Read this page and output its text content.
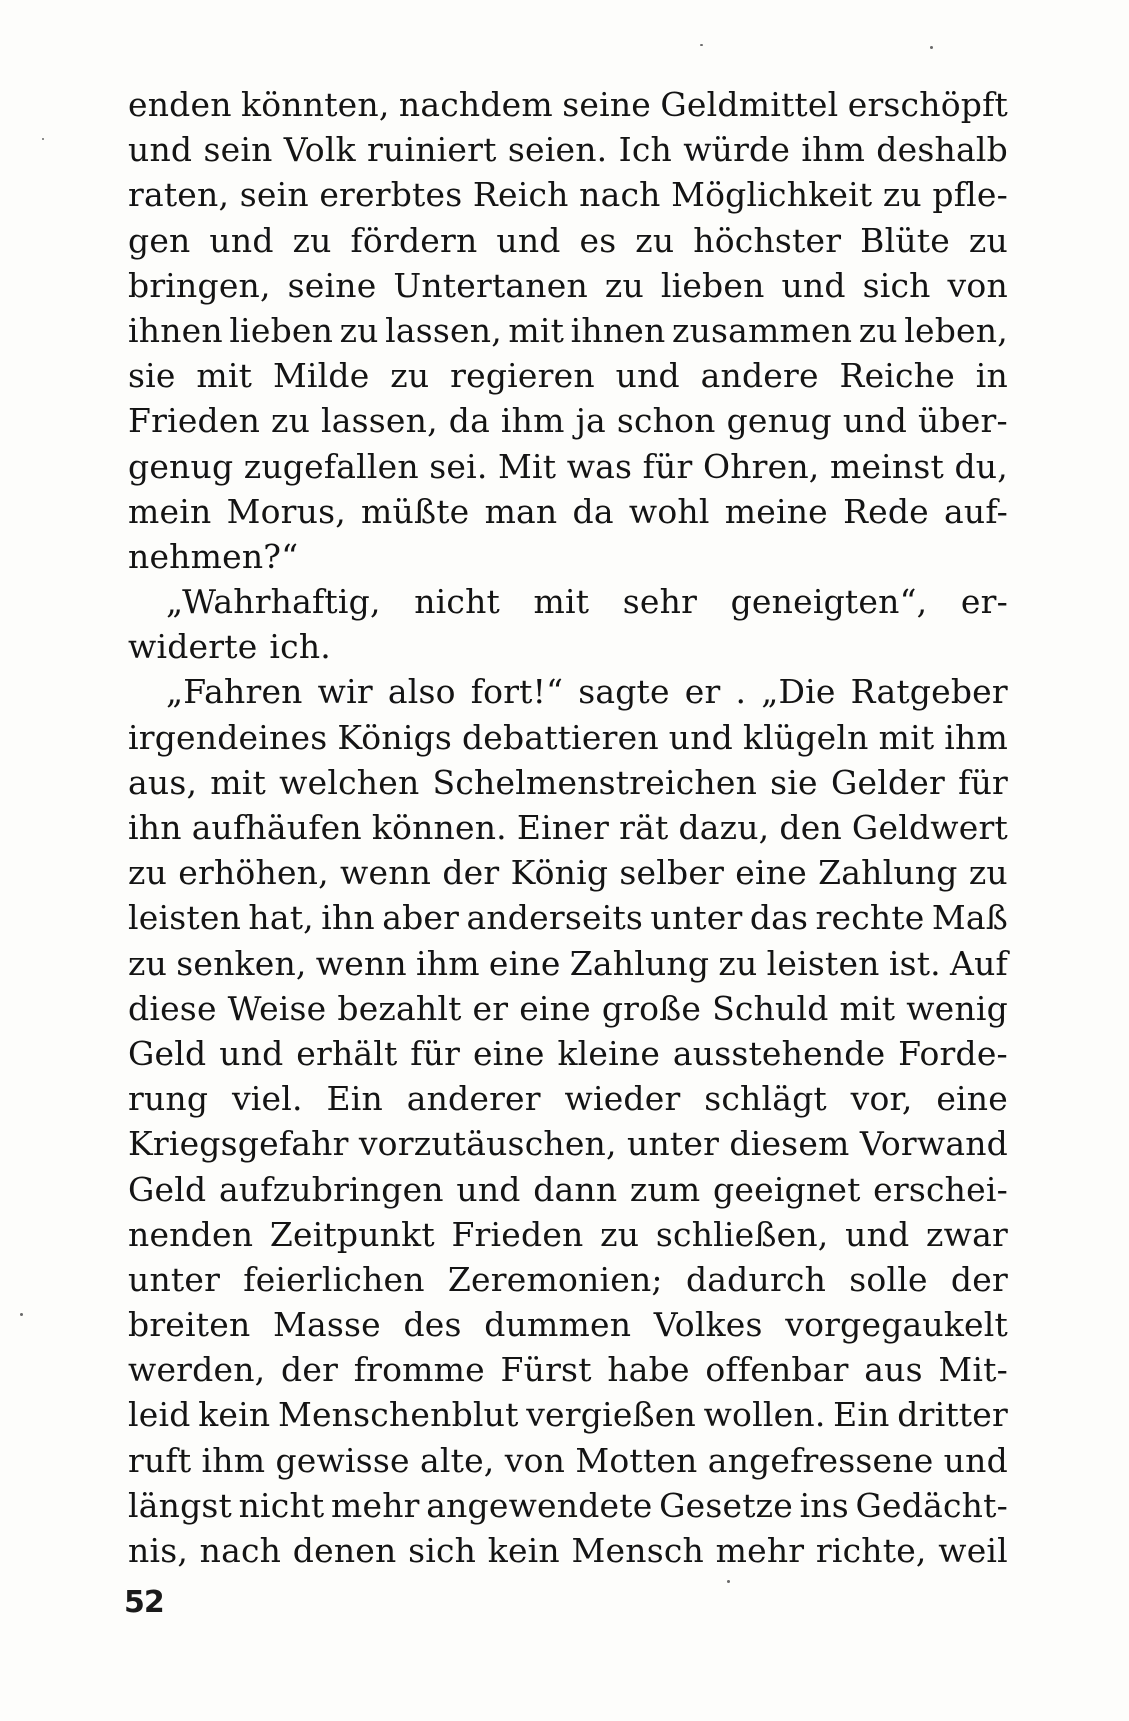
enden könnten, nachdem seine Geldmittel erschöpft
und sein Volk ruiniert seien. Ich würde ihm deshalb
raten, sein ererbtes Reich nach Möglichkeit zu pfle-
gen und zu fördern und es zu höchster Blüte zu
bringen, seine Untertanen zu lieben und sich von
ihnen lieben zu lassen, mit ihnen zusammen zu leben,
sie mit Milde zu regieren und andere Reiche in
Frieden zu lassen, da ihm ja schon genug und über-
genug zugefallen sei. Mit was für Ohren, meinst du,
mein Morus, müßte man da wohl meine Rede auf-
nehmen?“
„Wahrhaftig, nicht mit sehr geneigten“, er-
widerte ich.
„Fahren wir also fort!“ sagte er . „Die Ratgeber
irgendeines Königs debattieren und klügeln mit ihm
aus, mit welchen Schelmenstreichen sie Gelder für
ihn aufhäufen können. Einer rät dazu, den Geldwert
zu erhöhen, wenn der König selber eine Zahlung zu
leisten hat, ihn aber anderseits unter das rechte Maß
zu senken, wenn ihm eine Zahlung zu leisten ist. Auf
diese Weise bezahlt er eine große Schuld mit wenig
Geld und erhält für eine kleine ausstehende Forde-
rung viel. Ein anderer wieder schlägt vor, eine
Kriegsgefahr vorzutäuschen, unter diesem Vorwand
Geld aufzubringen und dann zum geeignet erschei-
nenden Zeitpunkt Frieden zu schließen, und zwar
unter feierlichen Zeremonien; dadurch solle der
breiten Masse des dummen Volkes vorgegaukelt
werden, der fromme Fürst habe offenbar aus Mit-
leid kein Menschenblut vergießen wollen. Ein dritter
ruft ihm gewisse alte, von Motten angefressene und
längst nicht mehr angewendete Gesetze ins Gedächt-
nis, nach denen sich kein Mensch mehr richte, weil
52
